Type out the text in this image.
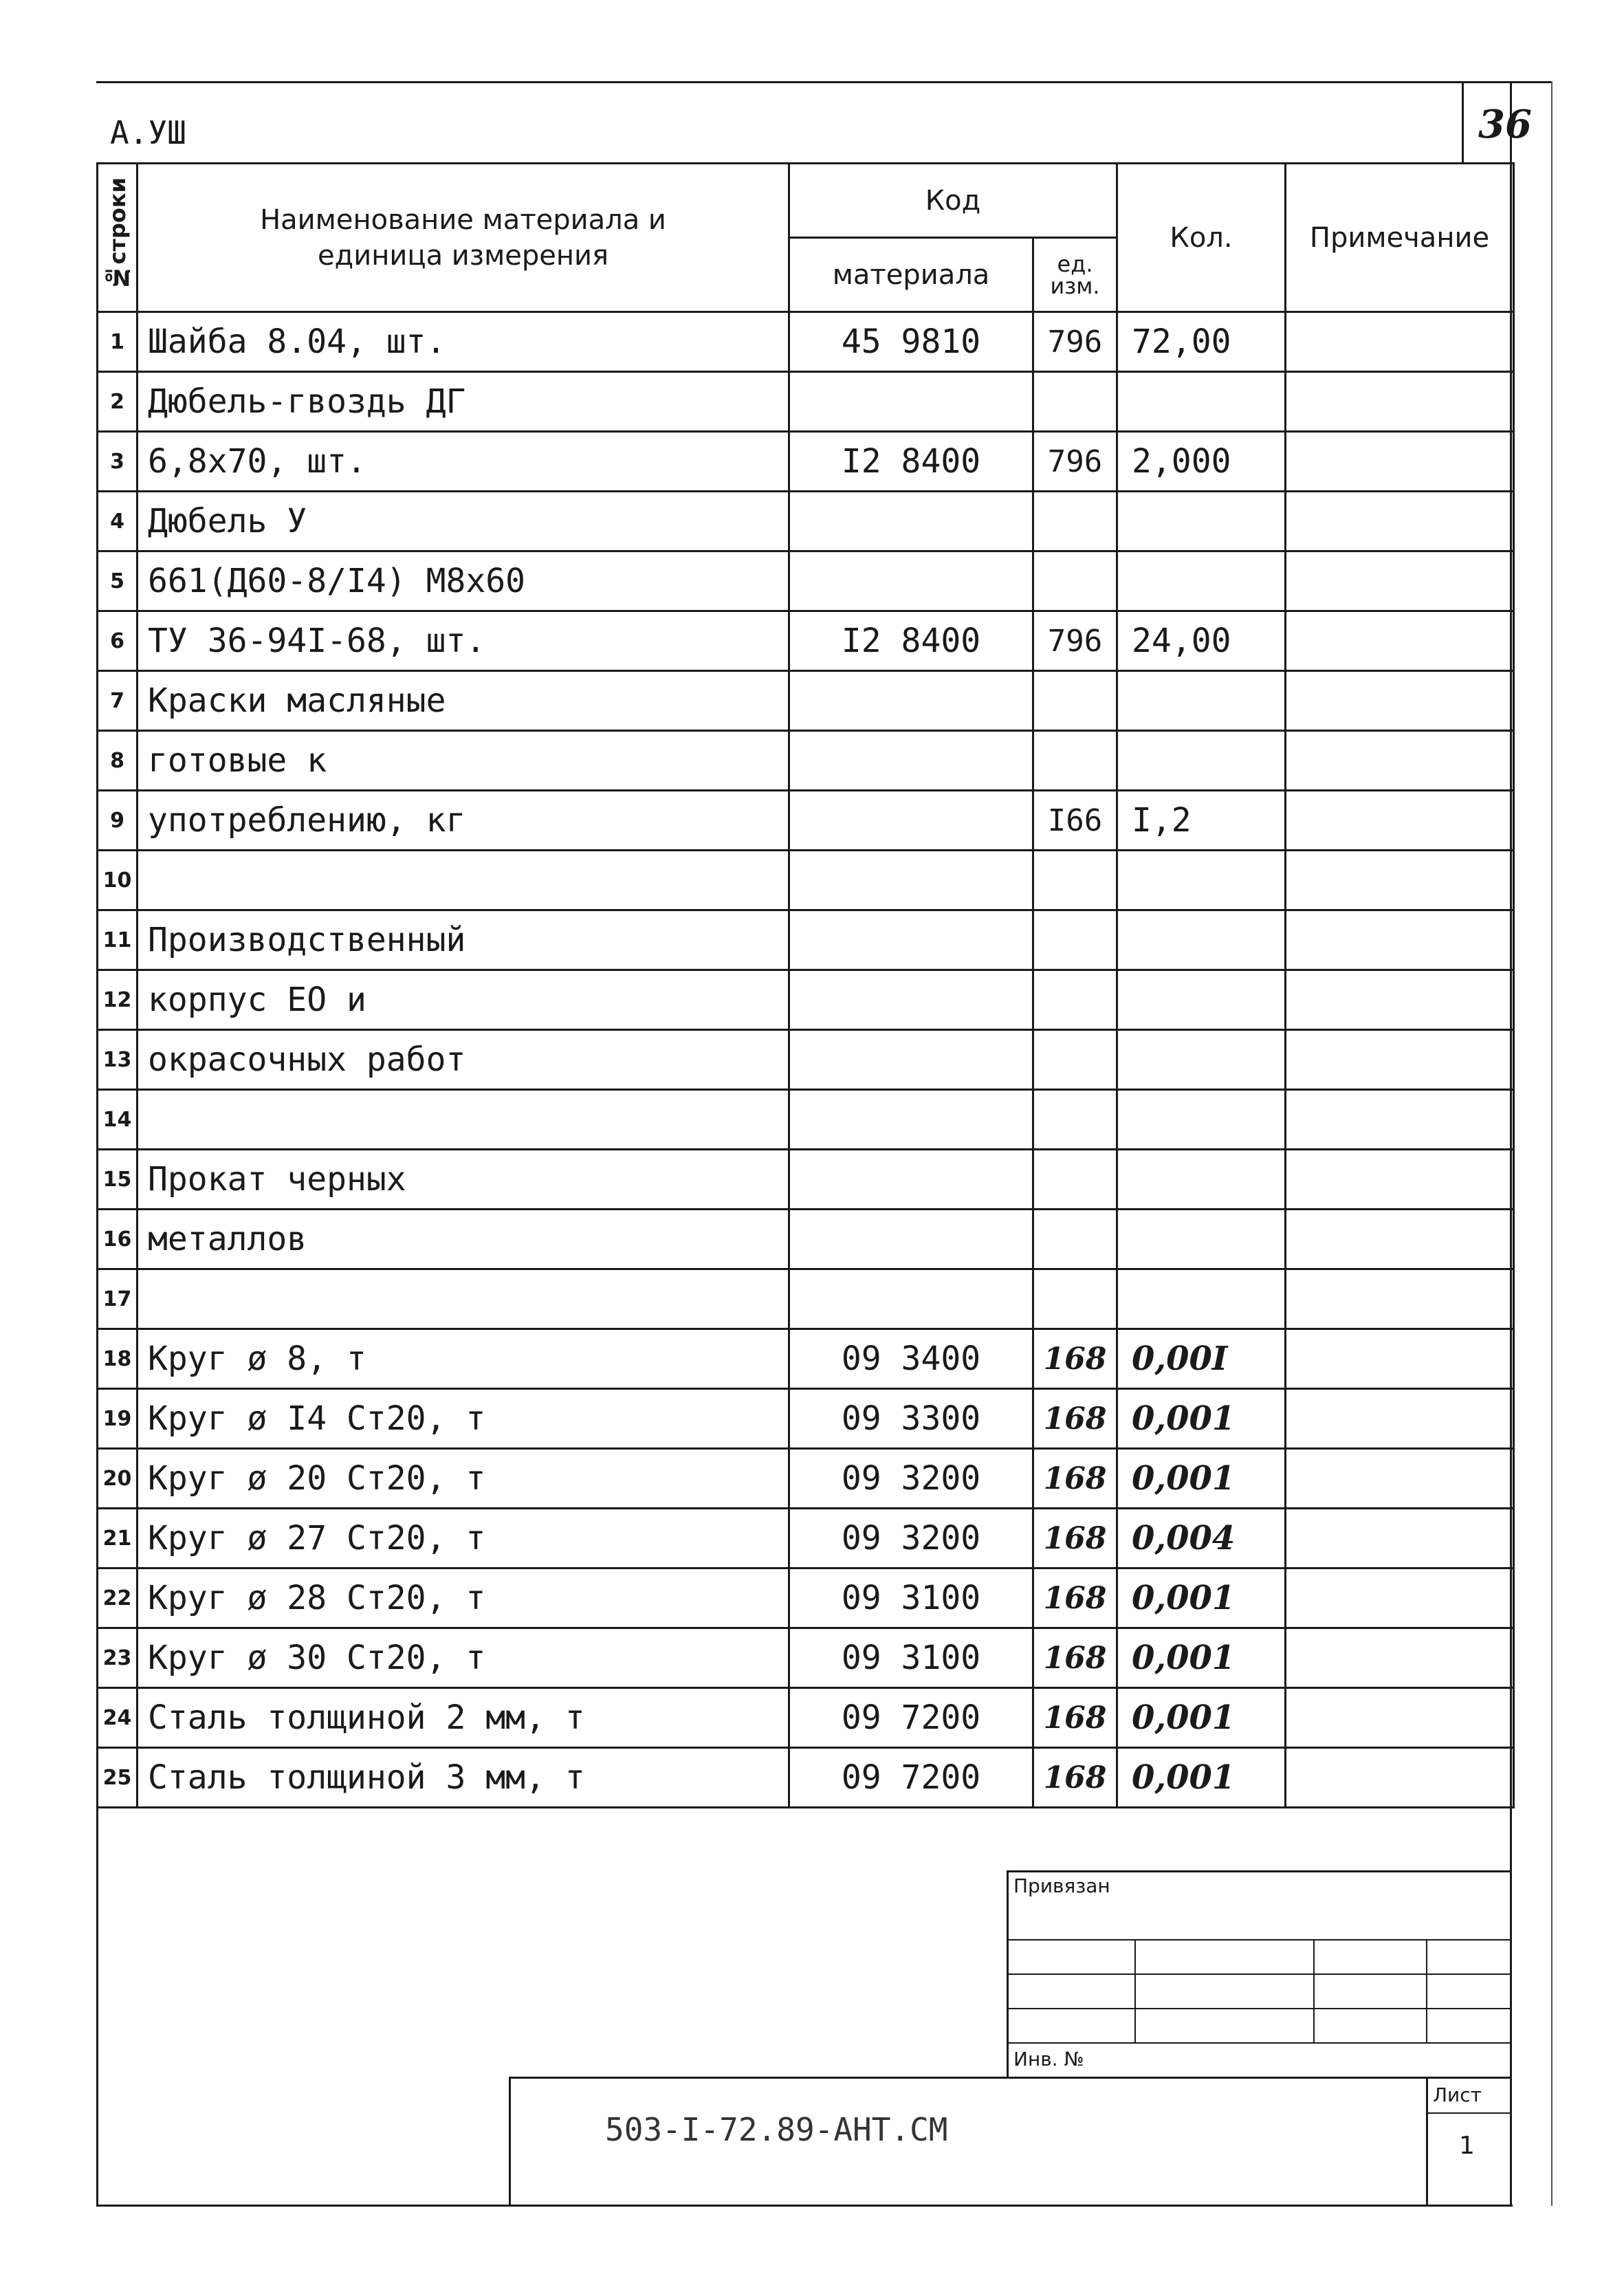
А.УШ	36
№строки	Наименование материала и единица измерения	Код		Кол.	Примечание
		материала	ед. изм.		
1	Шайба 8.04, шт.	45 9810	796	72,00	
2	Дюбель-гвоздь ДГ				
3	6,8х70, шт.	I2 8400	796	2,000	
4	Дюбель У				
5	661(Д60-8/I4) М8х60				
6	ТУ 36-94I-68, шт.	I2 8400	796	24,00	
7	Краски масляные				
8	готовые к				
9	употреблению, кг		I66	I,2	
10					
11	Производственный				
12	корпус ЕО и				
13	окрасочных работ				
14					
15	Прокат черных				
16	металлов				
17					
18	Круг ø 8, т	09 3400	168	0,00I	
19	Круг ø I4 Ст20, т	09 3300	168	0,001	
20	Круг ø 20 Ст20, т	09 3200	168	0,001	
21	Круг ø 27 Ст20, т	09 3200	168	0,004	
22	Круг ø 28 Ст20, т	09 3100	168	0,001	
23	Круг ø 30 Ст20, т	09 3100	168	0,001	
24	Сталь толщиной 2 мм, т	09 7200	168	0,001	
25	Сталь толщиной 3 мм, т	09 7200	168	0,001	
Привязан
Инв. №
503-I-72.89-АНТ.СМ
Лист
1
